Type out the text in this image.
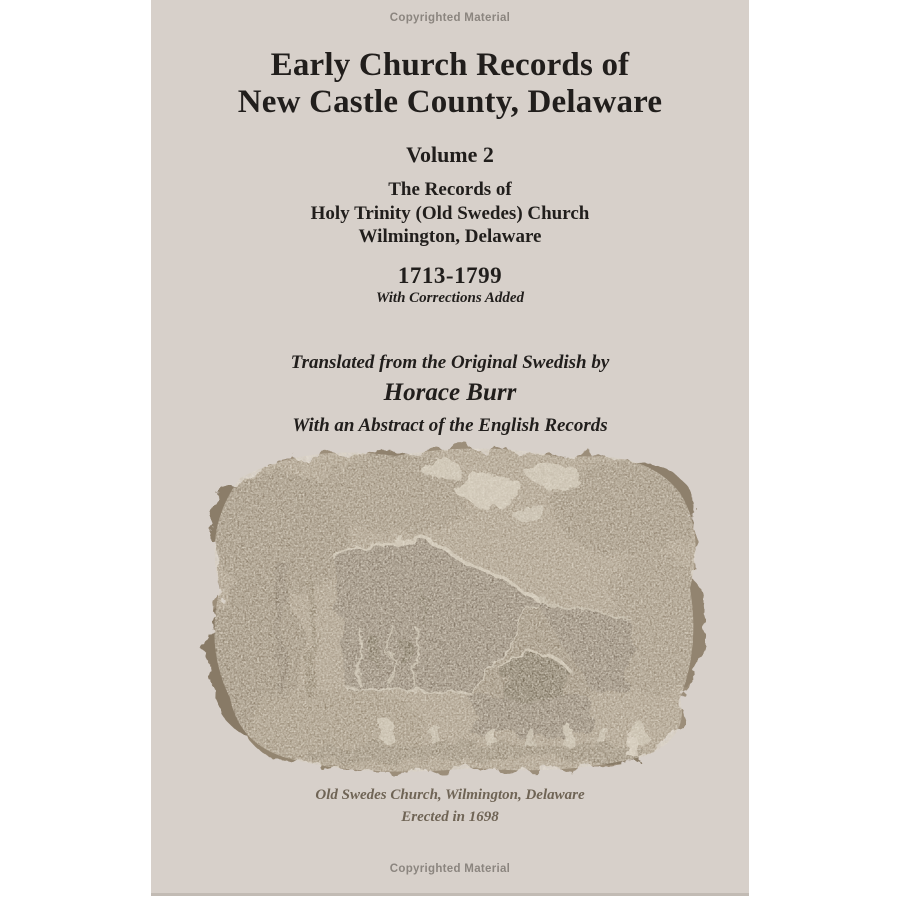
Copyrighted Material
Early Church Records of
New Castle County, Delaware
Volume 2
The Records of
Holy Trinity (Old Swedes) Church
Wilmington, Delaware
1713-1799
With Corrections Added
Translated from the Original Swedish by
Horace Burr
With an Abstract of the English Records
Old Swedes Church, Wilmington, Delaware
Erected in 1698
Copyrighted Material
